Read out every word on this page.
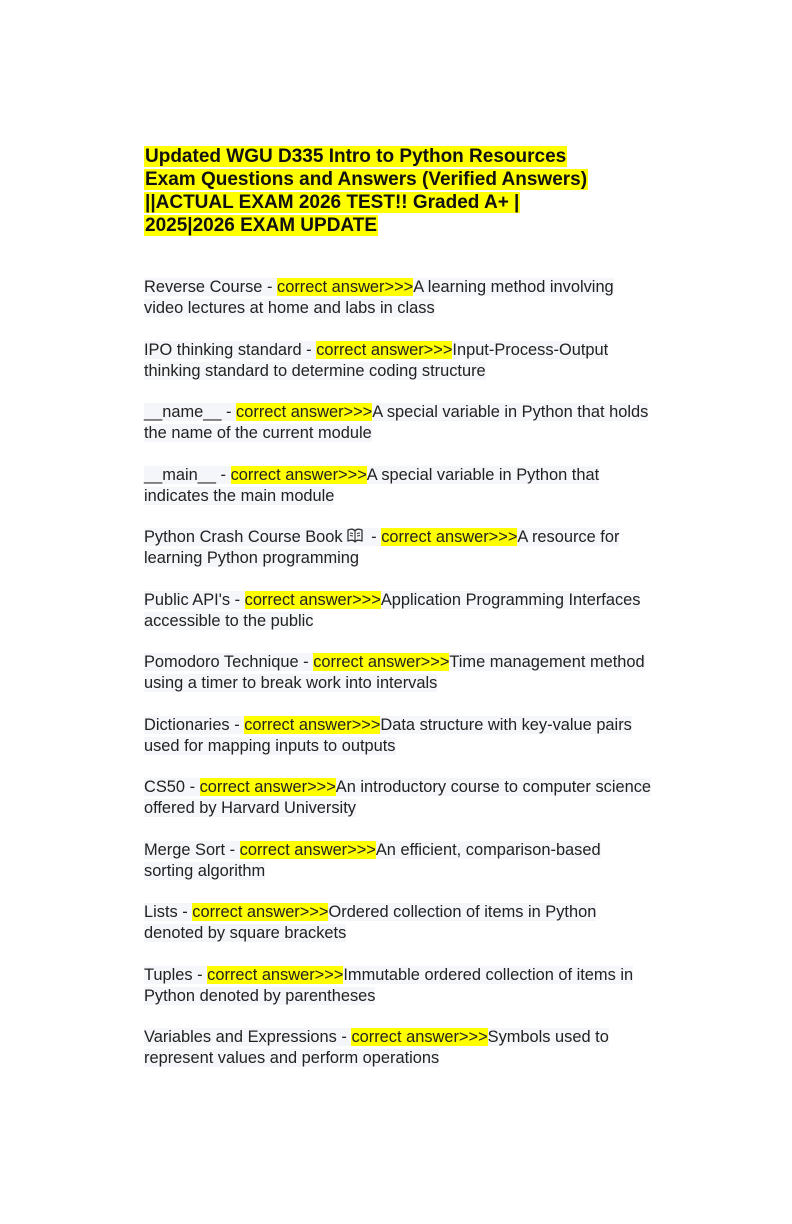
Updated WGU D335 Intro to Python Resources Exam Questions and Answers (Verified Answers) ||ACTUAL EXAM 2026 TEST!! Graded A+ | 2025|2026 EXAM UPDATE
Reverse Course - correct answer>>>A learning method involving video lectures at home and labs in class
IPO thinking standard - correct answer>>>Input-Process-Output thinking standard to determine coding structure
__name__ - correct answer>>>A special variable in Python that holds the name of the current module
__main__ - correct answer>>>A special variable in Python that indicates the main module
Python Crash Course Book - correct answer>>>A resource for learning Python programming
Public API's - correct answer>>>Application Programming Interfaces accessible to the public
Pomodoro Technique - correct answer>>>Time management method using a timer to break work into intervals
Dictionaries - correct answer>>>Data structure with key-value pairs used for mapping inputs to outputs
CS50 - correct answer>>>An introductory course to computer science offered by Harvard University
Merge Sort - correct answer>>>An efficient, comparison-based sorting algorithm
Lists - correct answer>>>Ordered collection of items in Python denoted by square brackets
Tuples - correct answer>>>Immutable ordered collection of items in Python denoted by parentheses
Variables and Expressions - correct answer>>>Symbols used to represent values and perform operations
